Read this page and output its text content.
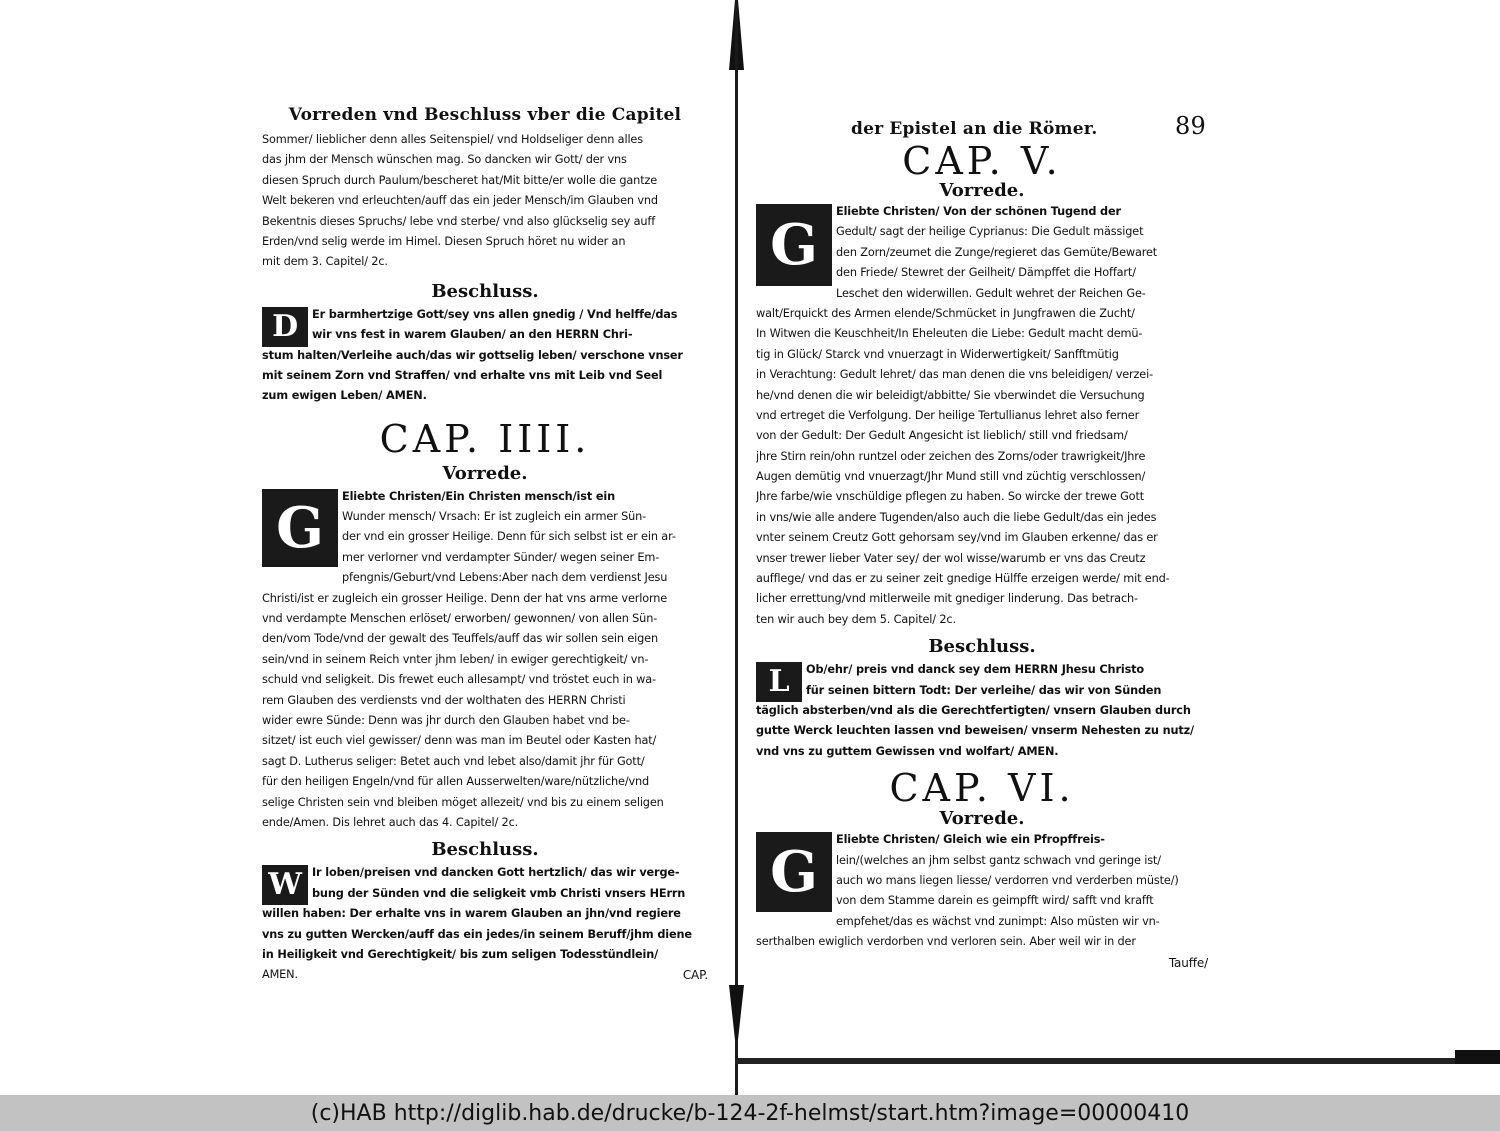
Vorreden vnd Beschluss vber die Capitel
Sommer/ lieblicher denn alles Seitenspiel/ vnd Holdseliger denn alles
das jhm der Mensch wünschen mag. So dancken wir Gott/ der vns
diesen Spruch durch Paulum/bescheret hat/Mit bitte/er wolle die gantze
Welt bekeren vnd erleuchten/auff das ein jeder Mensch/im Glauben vnd
Bekentnis dieses Spruchs/ lebe vnd sterbe/ vnd also glückselig sey auff
Erden/vnd selig werde im Himel. Diesen Spruch höret nu wider an
mit dem 3. Capitel/ 2c.
Beschluss.
D	Er barmhertzige Gott/sey vns allen gnedig / Vnd helffe/das
wir vns fest in warem Glauben/ an den HERRN Chri-
stum halten/Verleihe auch/das wir gottselig leben/ verschone vnser
mit seinem Zorn vnd Straffen/ vnd erhalte vns mit Leib vnd Seel
zum ewigen Leben/ AMEN.
CAP. IIII.
Vorrede.
G	Eliebte Christen/Ein Christen mensch/ist ein
Wunder mensch/ Vrsach: Er ist zugleich ein armer Sün-
der vnd ein grosser Heilige. Denn für sich selbst ist er ein ar-
mer verlorner vnd verdampter Sünder/ wegen seiner Em-
pfengnis/Geburt/vnd Lebens:Aber nach dem verdienst Jesu
Christi/ist er zugleich ein grosser Heilige. Denn der hat vns arme verlorne
vnd verdampte Menschen erlöset/ erworben/ gewonnen/ von allen Sün-
den/vom Tode/vnd der gewalt des Teuffels/auff das wir sollen sein eigen
sein/vnd in seinem Reich vnter jhm leben/ in ewiger gerechtigkeit/ vn-
schuld vnd seligkeit. Dis frewet euch allesampt/ vnd tröstet euch in wa-
rem Glauben des verdiensts vnd der wolthaten des HERRN Christi
wider ewre Sünde: Denn was jhr durch den Glauben habet vnd be-
sitzet/ ist euch viel gewisser/ denn was man im Beutel oder Kasten hat/
sagt D. Lutherus seliger: Betet auch vnd lebet also/damit jhr für Gott/
für den heiligen Engeln/vnd für allen Ausserwelten/ware/nützliche/vnd
selige Christen sein vnd bleiben möget allezeit/ vnd bis zu einem seligen
ende/Amen. Dis lehret auch das 4. Capitel/ 2c.
Beschluss.
W Ir loben/preisen vnd dancken Gott hertzlich/ das wir verge-
bung der Sünden vnd die seligkeit vmb Christi vnsers HErrn
willen haben: Der erhalte vns in warem Glauben an jhn/vnd regiere
vns zu gutten Wercken/auff das ein jedes/in seinem Beruff/jhm diene
in Heiligkeit vnd Gerechtigkeit/ bis zum seligen Todesstündlein/
AMEN.	CAP.
der Epistel an die Römer.	89
CAP. V.
Vorrede.
G
Eliebte Christen/ Von der schönen Tugend der
Gedult/ sagt der heilige Cyprianus: Die Gedult mässiget
den Zorn/zeumet die Zunge/regieret das Gemüte/Bewaret
den Friede/ Stewret der Geilheit/ Dämpffet die Hoffart/
Leschet den widerwillen. Gedult wehret der Reichen Ge-
walt/Erquickt des Armen elende/Schmücket in Jungfrawen die Zucht/
In Witwen die Keuschheit/In Eheleuten die Liebe: Gedult macht demü-
tig in Glück/ Starck vnd vnuerzagt in Widerwertigkeit/ Sanfftmütig
in Verachtung: Gedult lehret/ das man denen die vns beleidigen/ verzei-
he/vnd denen die wir beleidigt/abbitte/ Sie vberwindet die Versuchung
vnd ertreget die Verfolgung. Der heilige Tertullianus lehret also ferner
von der Gedult: Der Gedult Angesicht ist lieblich/ still vnd friedsam/
jhre Stirn rein/ohn runtzel oder zeichen des Zorns/oder trawrigkeit/Jhre
Augen demütig vnd vnuerzagt/Jhr Mund still vnd züchtig verschlossen/
Jhre farbe/wie vnschüldige pflegen zu haben. So wircke der trewe Gott
in vns/wie alle andere Tugenden/also auch die liebe Gedult/das ein jedes
vnter seinem Creutz Gott gehorsam sey/vnd im Glauben erkenne/ das er
vnser trewer lieber Vater sey/ der wol wisse/warumb er vns das Creutz
aufflege/ vnd das er zu seiner zeit gnedige Hülffe erzeigen werde/ mit end-
licher errettung/vnd mitlerweile mit gnediger linderung. Das betrach-
ten wir auch bey dem 5. Capitel/ 2c.
Beschluss.
L	Ob/ehr/ preis vnd danck sey dem HERRN Jhesu Christo
für seinen bittern Todt: Der verleihe/ das wir von Sünden
täglich absterben/vnd als die Gerechtfertigten/ vnsern Glauben durch
gutte Werck leuchten lassen vnd beweisen/ vnserm Nehesten zu nutz/
vnd vns zu guttem Gewissen vnd wolfart/ AMEN.
CAP. VI.
Vorrede.
G	Eliebte Christen/ Gleich wie ein Pfropffreis-
lein/(welches an jhm selbst gantz schwach vnd geringe ist/
auch wo mans liegen liesse/ verdorren vnd verderben müste/)
von dem Stamme darein es geimpfft wird/ safft vnd krafft
empfehet/das es wächst vnd zunimpt: Also müsten wir vn-
serthalben ewiglich verdorben vnd verloren sein. Aber weil wir in der
Tauffe/
(c)HAB http://diglib.hab.de/drucke/b-124-2f-helmst/start.htm?image=00000410
